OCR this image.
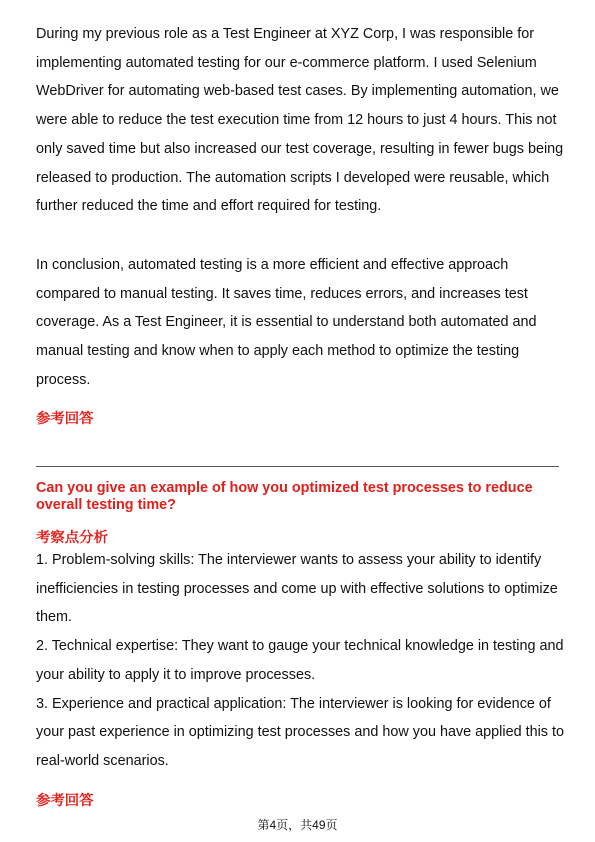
During my previous role as a Test Engineer at XYZ Corp, I was responsible for implementing automated testing for our e-commerce platform. I used Selenium WebDriver for automating web-based test cases. By implementing automation, we were able to reduce the test execution time from 12 hours to just 4 hours. This not only saved time but also increased our test coverage, resulting in fewer bugs being released to production. The automation scripts I developed were reusable, which further reduced the time and effort required for testing.

In conclusion, automated testing is a more efficient and effective approach compared to manual testing. It saves time, reduces errors, and increases test coverage. As a Test Engineer, it is essential to understand both automated and manual testing and know when to apply each method to optimize the testing process.

参考回答

Can you give an example of how you optimized test processes to reduce overall testing time?

考察点分析

1. Problem-solving skills: The interviewer wants to assess your ability to identify inefficiencies in testing processes and come up with effective solutions to optimize them.
2. Technical expertise: They want to gauge your technical knowledge in testing and your ability to apply it to improve processes.
3. Experience and practical application: The interviewer is looking for evidence of your past experience in optimizing test processes and how you have applied this to real-world scenarios.

参考回答

第4页，共49页
